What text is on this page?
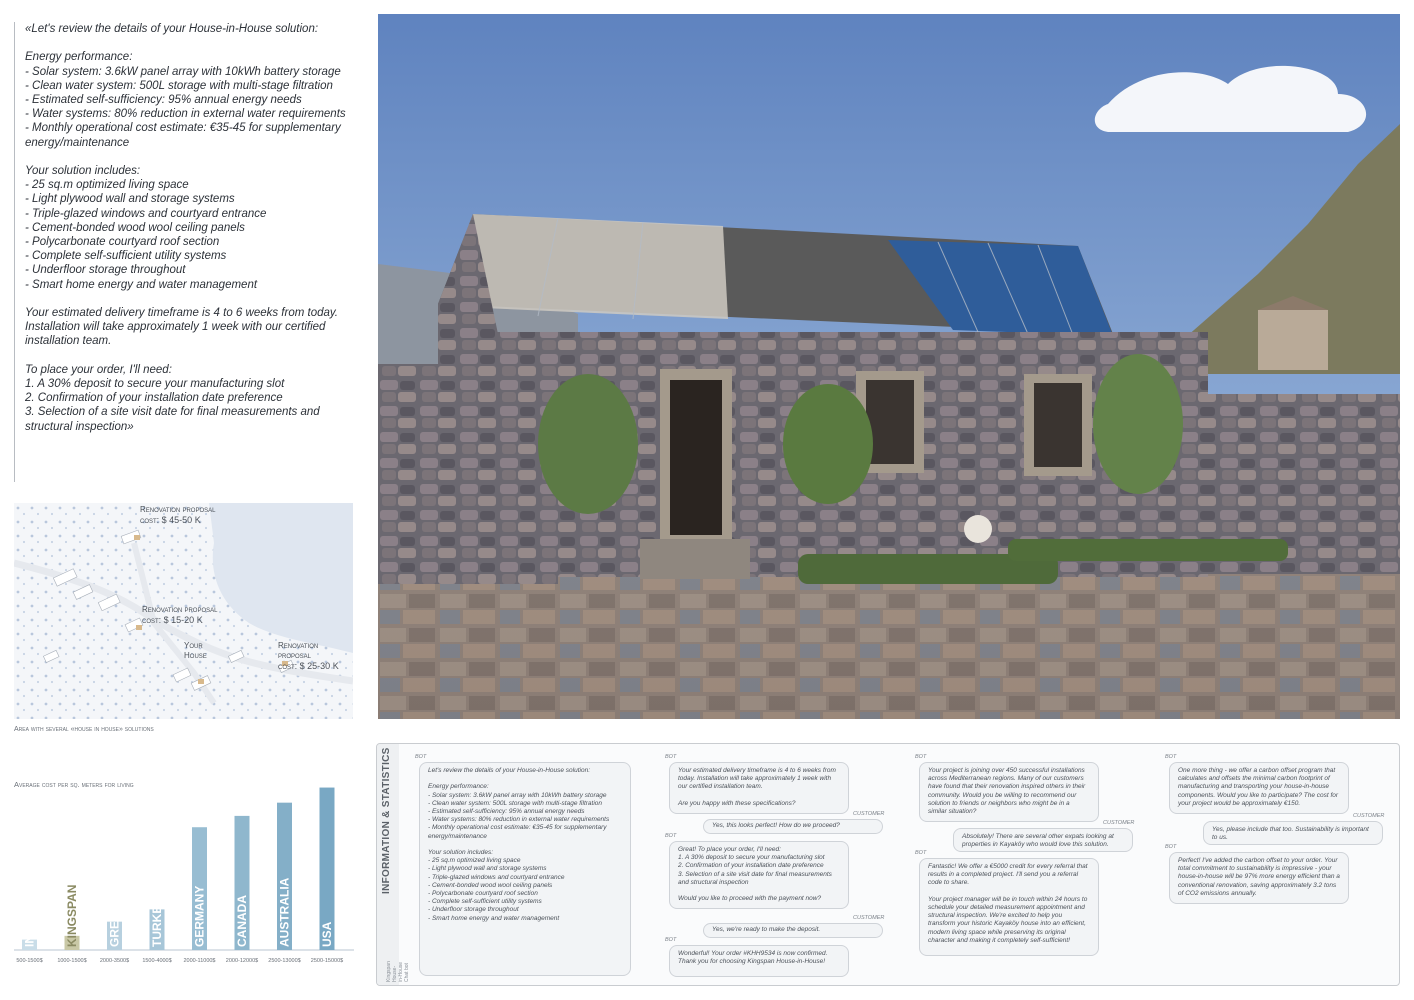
«Let's review the details of your House-in-House solution:

Energy performance:
- Solar system: 3.6kW panel array with 10kWh battery storage
- Clean water system: 500L storage with multi-stage filtration
- Estimated self-sufficiency: 95% annual energy needs
- Water systems: 80% reduction in external water requirements
- Monthly operational cost estimate: €35-45 for supplementary energy/maintenance

Your solution includes:
- 25 sq.m optimized living space
- Light plywood wall and storage systems
- Triple-glazed windows and courtyard entrance
- Cement-bonded wood wool ceiling panels
- Polycarbonate courtyard roof section
- Complete self-sufficient utility systems
- Underfloor storage throughout
- Smart home energy and water management

Your estimated delivery timeframe is 4 to 6 weeks from today. Installation will take approximately 1 week with our certified installation team.

To place your order, I'll need:
1. A 30% deposit to secure your manufacturing slot
2. Confirmation of your installation date preference
3. Selection of a site visit date for final measurements and structural inspection»
Renovation proposal
cost: $ 45-50 K
Renovation proposal
cost: $ 15-20 K
Your
House
Renovation proposal
cost: $ 25-30 K
Area with several «house in house» solutions
Average cost per sq. meters for living
INDIA
500-1500$
KINGSPAN
1000-1500$
GREECE
2000-3500$
TURKEY
1500-4000$
GERMANY
2000-11000$
CANADA
2000-12000$
AUSTRALIA
2500-13000$
USA
2500-15000$
INFORMATION & STATISTICS
Kingspan House-in-House
Chat bot
BOT
Let's review the details of your House-in-House solution:

Energy performance:
- Solar system: 3.6kW panel array with 10kWh battery storage
- Clean water system: 500L storage with multi-stage filtration
- Estimated self-sufficiency: 95% annual energy needs
- Water systems: 80% reduction in external water requirements
- Monthly operational cost estimate: €35-45 for supplementary energy/maintenance

Your solution includes:
- 25 sq.m optimized living space
- Light plywood wall and storage systems
- Triple-glazed windows and courtyard entrance
- Cement-bonded wood wool ceiling panels
- Polycarbonate courtyard roof section
- Complete self-sufficient utility systems
- Underfloor storage throughout
- Smart home energy and water management
BOT
Your estimated delivery timeframe is 4 to 6 weeks from today. Installation will take approximately 1 week with our certified installation team.

Are you happy with these specifications?
CUSTOMER
Yes, this looks perfect! How do we proceed?
BOT
Great! To place your order, I'll need:
1. A 30% deposit to secure your manufacturing slot
2. Confirmation of your installation date preference
3. Selection of a site visit date for final measurements and structural inspection

Would you like to proceed with the payment now?
CUSTOMER
Yes, we're ready to make the deposit.
BOT
Wonderful! Your order #KHH9534 is now confirmed. Thank you for choosing Kingspan House-in-House!
BOT
Your project is joining over 450 successful installations across Mediterranean regions. Many of our customers have found that their renovation inspired others in their community. Would you be willing to recommend our solution to friends or neighbors who might be in a similar situation?
CUSTOMER
Absolutely! There are several other expats looking at properties in Kayaköy who would love this solution.
BOT
Fantastic! We offer a €5000 credit for every referral that results in a completed project. I'll send you a referral code to share.

Your project manager will be in touch within 24 hours to schedule your detailed measurement appointment and structural inspection. We're excited to help you transform your historic Kayaköy house into an efficient, modern living space while preserving its original character and making it completely self-sufficient!
BOT
One more thing - we offer a carbon offset program that calculates and offsets the minimal carbon footprint of manufacturing and transporting your house-in-house components. Would you like to participate? The cost for your project would be approximately €150.
CUSTOMER
Yes, please include that too. Sustainability is important to us.
BOT
Perfect! I've added the carbon offset to your order. Your total commitment to sustainability is impressive - your house-in-house will be 97% more energy efficient than a conventional renovation, saving approximately 3.2 tons of CO2 emissions annually.
